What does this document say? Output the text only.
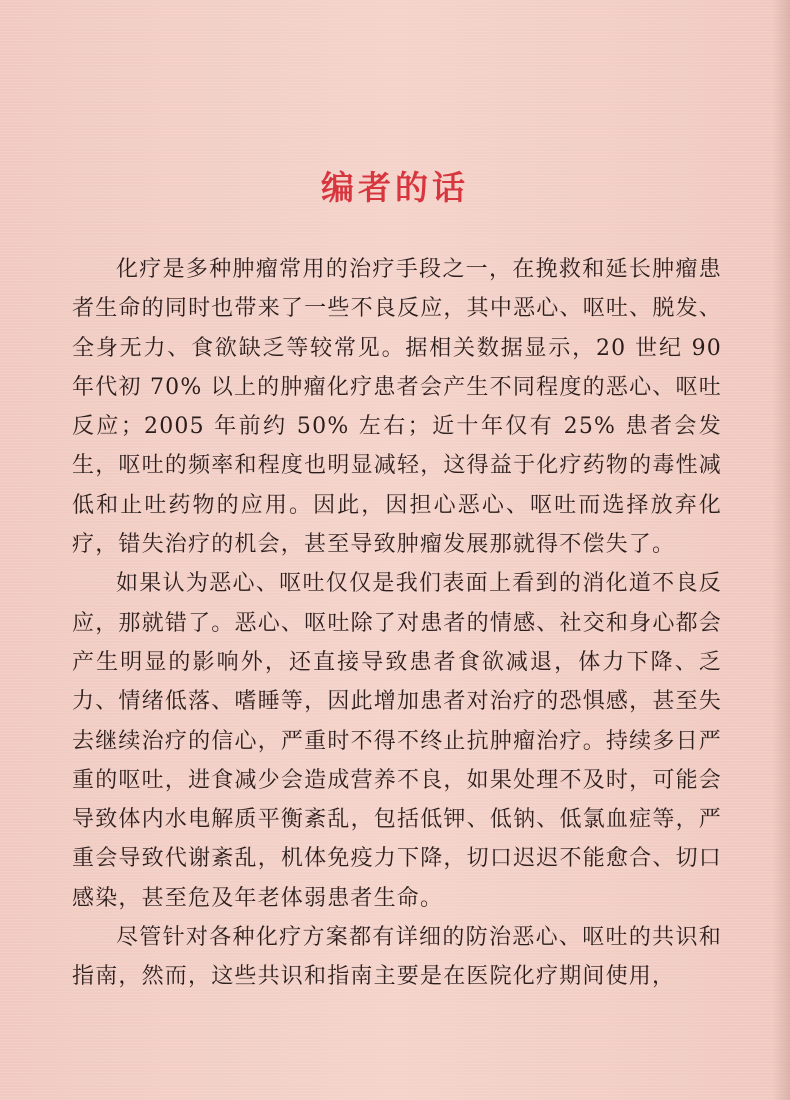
编者的话

化疗是多种肿瘤常用的治疗手段之一，在挽救和延长肿瘤患者生命的同时也带来了一些不良反应，其中恶心、呕吐、脱发、全身无力、食欲缺乏等较常见。据相关数据显示，20 世纪 90 年代初 70% 以上的肿瘤化疗患者会产生不同程度的恶心、呕吐反应；2005 年前约 50% 左右；近十年仅有 25% 患者会发生，呕吐的频率和程度也明显减轻，这得益于化疗药物的毒性减低和止吐药物的应用。因此，因担心恶心、呕吐而选择放弃化疗，错失治疗的机会，甚至导致肿瘤发展那就得不偿失了。

如果认为恶心、呕吐仅仅是我们表面上看到的消化道不良反应，那就错了。恶心、呕吐除了对患者的情感、社交和身心都会产生明显的影响外，还直接导致患者食欲减退，体力下降、乏力、情绪低落、嗜睡等，因此增加患者对治疗的恐惧感，甚至失去继续治疗的信心，严重时不得不终止抗肿瘤治疗。持续多日严重的呕吐，进食减少会造成营养不良，如果处理不及时，可能会导致体内水电解质平衡紊乱，包括低钾、低钠、低氯血症等，严重会导致代谢紊乱，机体免疫力下降，切口迟迟不能愈合、切口感染，甚至危及年老体弱患者生命。

尽管针对各种化疗方案都有详细的防治恶心、呕吐的共识和指南，然而，这些共识和指南主要是在医院化疗期间使用，
